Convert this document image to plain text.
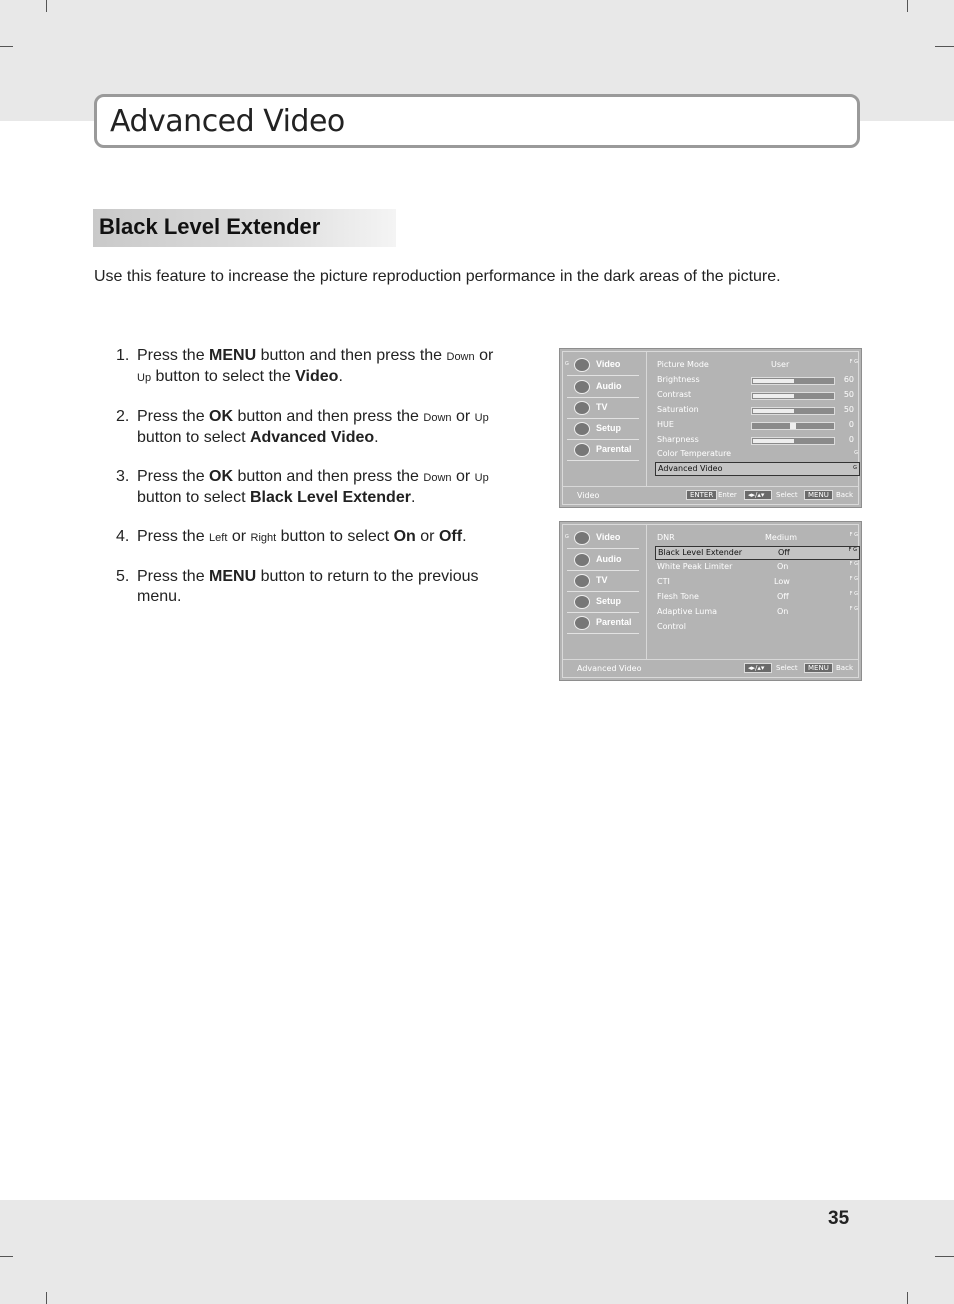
Advanced Video
Black Level Extender

Use this feature to increase the picture reproduction performance in the dark areas of the picture.

1. Press the MENU button and then press the Down or
Up button to select the Video.
2. Press the OK button and then press the Down or Up
button to select Advanced Video.
3. Press the OK button and then press the Down or Up
button to select Black Level Extender.
4. Press the Left or Right button to select On or Off.
5. Press the MENU button to return to the previous menu.
G	Video
Audio
TV
Setup
Parental
Picture Mode	User	F G
Brightness	60
Contrast	50
Saturation	50
HUE	0
Sharpness	0
Color Temperature	G
Advanced Video	G
Video	ENTER Enter	◂▸/▴▾	Select	MENU	Back
G	Video
Audio
TV
Setup
Parental
DNR	Medium	F G
Black Level Extender	Off	F G
White Peak Limiter	On	F G
CTI	Low	F G
Flesh Tone	Off	F G
Adaptive Luma	On	F G
Control
Advanced Video	◂▸/▴▾	Select	MENU	Back
35
